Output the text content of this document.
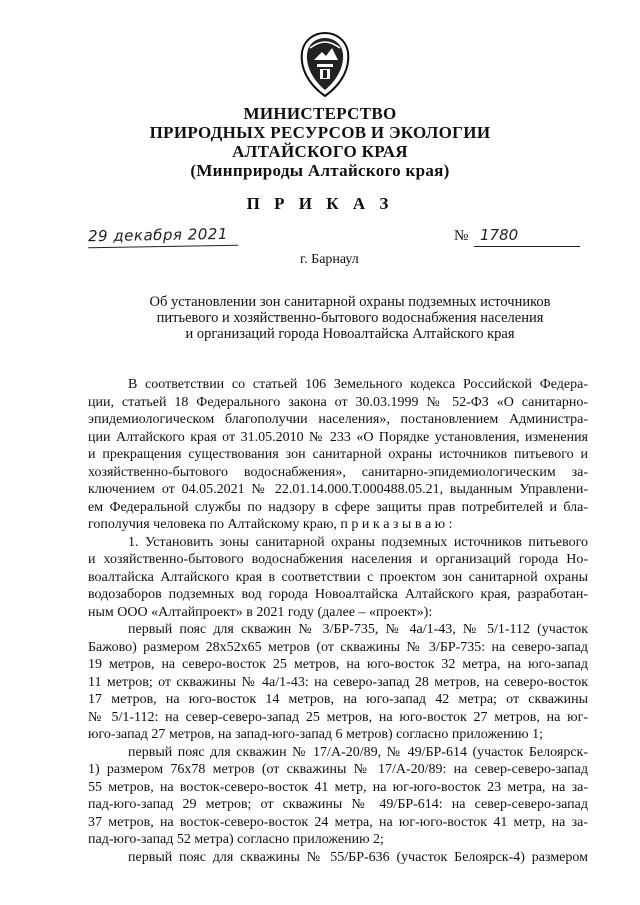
МИНИСТЕРСТВО
ПРИРОДНЫХ РЕСУРСОВ И ЭКОЛОГИИ
АЛТАЙСКОГО КРАЯ
(Минприроды Алтайского края)
П Р И К А З
29 декабря 2021	№ 1780
г. Барнаул
Об установлении зон санитарной охраны подземных источников
питьевого и хозяйственно-бытового водоснабжения населения
и организаций города Новоалтайска Алтайского края
В соответствии со статьей 106 Земельного кодекса Российской Федера-
ции, статьей 18 Федерального закона от 30.03.1999 № 52-ФЗ «О санитарно-
эпидемиологическом благополучии населения», постановлением Администра-
ции Алтайского края от 31.05.2010 № 233 «О Порядке установления, изменения
и прекращения существования зон санитарной охраны источников питьевого и
хозяйственно-бытового водоснабжения», санитарно-эпидемиологическим за-
ключением от 04.05.2021 № 22.01.14.000.Т.000488.05.21, выданным Управлени-
ем Федеральной службы по надзору в сфере защиты прав потребителей и бла-
гополучия человека по Алтайскому краю, п р и к а з ы в а ю :
1. Установить зоны санитарной охраны подземных источников питьевого
и хозяйственно-бытового водоснабжения населения и организаций города Но-
воалтайска Алтайского края в соответствии с проектом зон санитарной охраны
водозаборов подземных вод города Новоалтайска Алтайского края, разработан-
ным ООО «Алтайпроект» в 2021 году (далее – «проект»):
первый пояс для скважин № 3/БР-735, № 4а/1-43, № 5/1-112 (участок
Бажово) размером 28x52x65 метров (от скважины № 3/БР-735: на северо-запад
19 метров, на северо-восток 25 метров, на юго-восток 32 метра, на юго-запад
11 метров; от скважины № 4а/1-43: на северо-запад 28 метров, на северо-восток
17 метров, на юго-восток 14 метров, на юго-запад 42 метра; от скважины
№ 5/1-112: на север-северо-запад 25 метров, на юго-восток 27 метров, на юг-
юго-запад 27 метров, на запад-юго-запад 6 метров) согласно приложению 1;
первый пояс для скважин № 17/А-20/89, № 49/БР-614 (участок Белоярск-
1) размером 76x78 метров (от скважины № 17/А-20/89: на север-северо-запад
55 метров, на восток-северо-восток 41 метр, на юг-юго-восток 23 метра, на за-
пад-юго-запад 29 метров; от скважины № 49/БР-614: на север-северо-запад
37 метров, на восток-северо-восток 24 метра, на юг-юго-восток 41 метр, на за-
пад-юго-запад 52 метра) согласно приложению 2;
первый пояс для скважины № 55/БР-636 (участок Белоярск-4) размером
